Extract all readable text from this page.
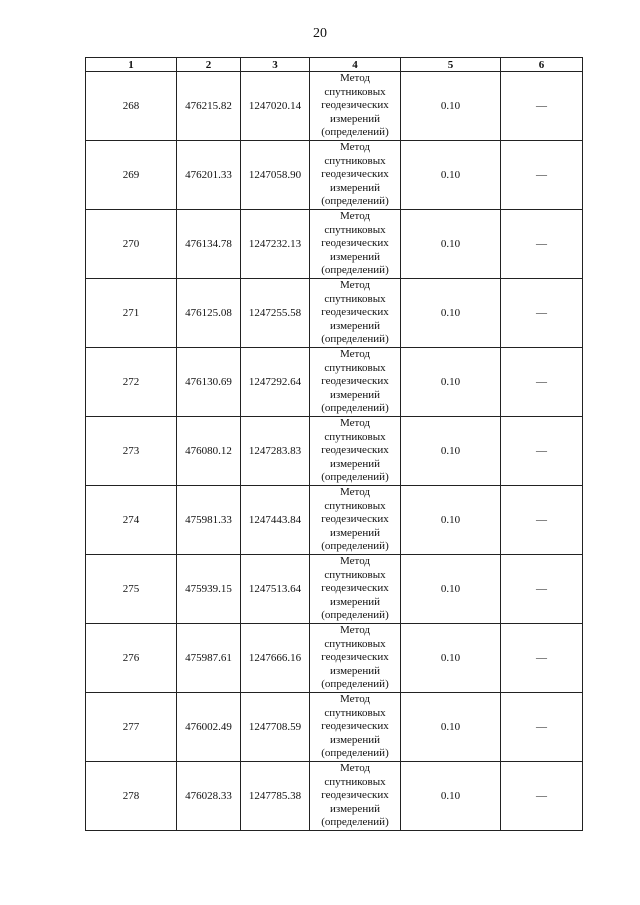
20
1	2	3	4	5	6
268	476215.82	1247020.14	Метод
спутниковых
геодезических
измерений
(определений)	0.10	—
269	476201.33	1247058.90	Метод
спутниковых
геодезических
измерений
(определений)	0.10	—
270	476134.78	1247232.13	Метод
спутниковых
геодезических
измерений
(определений)	0.10	—
271	476125.08	1247255.58	Метод
спутниковых
геодезических
измерений
(определений)	0.10	—
272	476130.69	1247292.64	Метод
спутниковых
геодезических
измерений
(определений)	0.10	—
273	476080.12	1247283.83	Метод
спутниковых
геодезических
измерений
(определений)	0.10	—
274	475981.33	1247443.84	Метод
спутниковых
геодезических
измерений
(определений)	0.10	—
275	475939.15	1247513.64	Метод
спутниковых
геодезических
измерений
(определений)	0.10	—
276	475987.61	1247666.16	Метод
спутниковых
геодезических
измерений
(определений)	0.10	—
277	476002.49	1247708.59	Метод
спутниковых
геодезических
измерений
(определений)	0.10	—
278	476028.33	1247785.38	Метод
спутниковых
геодезических
измерений
(определений)	0.10	—
